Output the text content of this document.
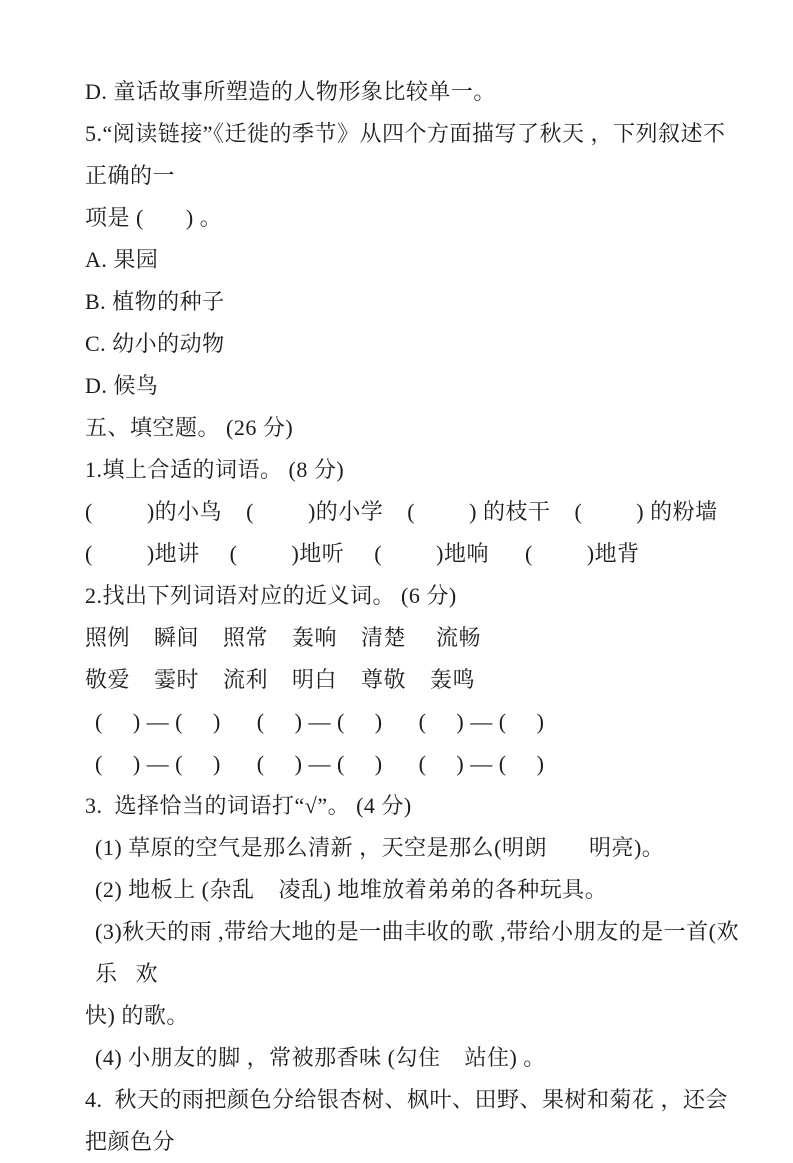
D. 童话故事所塑造的人物形象比较单一。

5.“阅读链接”《迁徙的季节》从四个方面描写了秋天 ，下列叙述不正确的一

项是 (       ) 。

A. 果园

B. 植物的种子

C. 幼小的动物

D. 候鸟

五、填空题。 (26 分)

1.填上合适的词语。 (8 分)

(         )的小鸟    (         )的小学    (         ) 的枝干    (         ) 的粉墙

(         )地讲     (         )地听     (         )地响      (         )地背

2.找出下列词语对应的近义词。 (6 分)

照例    瞬间    照常    轰响    清楚     流畅

敬爱    霎时    流利    明白    尊敬    轰鸣

(     ) — (     )      (     ) — (     )      (     ) — (     )

(     ) — (     )      (     ) — (     )      (     ) — (     )

3.  选择恰当的词语打“√”。 (4 分)

(1) 草原的空气是那么清新 ，天空是那么(明朗       明亮)。

(2) 地板上 (杂乱    凌乱) 地堆放着弟弟的各种玩具。

(3)秋天的雨 ,带给大地的是一曲丰收的歌 ,带给小朋友的是一首(欢乐   欢

快) 的歌。

(4) 小朋友的脚 ，常被那香味 (勾住    站住) 。

4.  秋天的雨把颜色分给银杏树、枫叶、田野、果树和菊花 ，还会把颜色分
